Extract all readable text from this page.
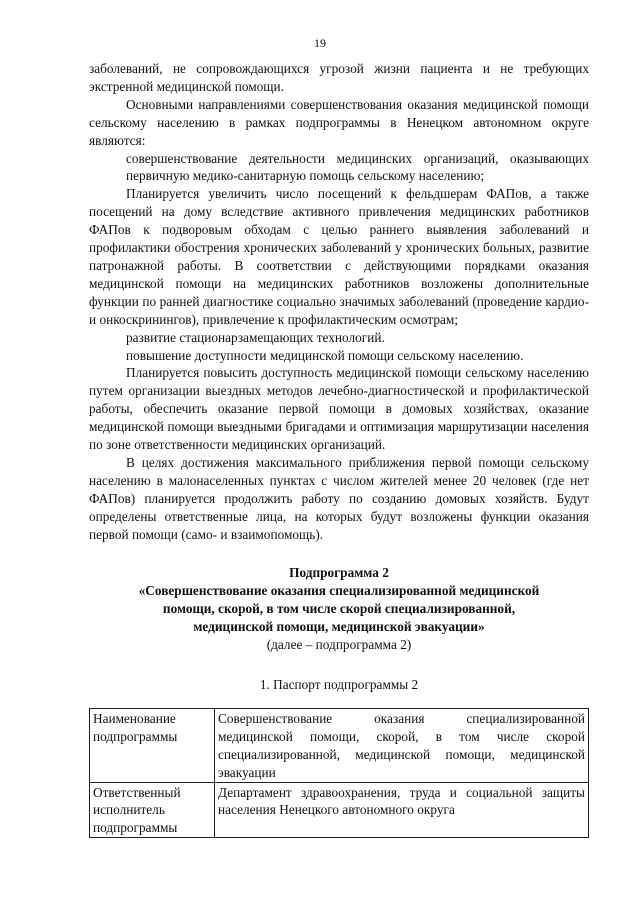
19

заболеваний, не сопровождающихся угрозой жизни пациента и не требующих экстренной медицинской помощи.

Основными направлениями совершенствования оказания медицинской помощи сельскому населению в рамках подпрограммы в Ненецком автономном округе являются:

совершенствование деятельности медицинских организаций, оказывающих первичную медико-санитарную помощь сельскому населению;

Планируется увеличить число посещений к фельдшерам ФАПов, а также посещений на дому вследствие активного привлечения медицинских работников ФАПов к подворовым обходам с целью раннего выявления заболеваний и профилактики обострения хронических заболеваний у хронических больных, развитие патронажной работы. В соответствии с действующими порядками оказания медицинской помощи на медицинских работников возложены дополнительные функции по ранней диагностике социально значимых заболеваний (проведение кардио- и онкоскринингов), привлечение к профилактическим осмотрам;

развитие стационарзамещающих технологий.

повышение доступности медицинской помощи сельскому населению.

Планируется повысить доступность медицинской помощи сельскому населению путем организации выездных методов лечебно-диагностической и профилактической работы, обеспечить оказание первой помощи в домовых хозяйствах, оказание медицинской помощи выездными бригадами и оптимизация маршрутизации населения по зоне ответственности медицинских организаций.

В целях достижения максимального приближения первой помощи сельскому населению в малонаселенных пунктах с числом жителей менее 20 человек (где нет ФАПов) планируется продолжить работу по созданию домовых хозяйств. Будут определены ответственные лица, на которых будут возложены функции оказания первой помощи (само- и взаимопомощь).

Подпрограмма 2
«Совершенствование оказания специализированной медицинской
помощи, скорой, в том числе скорой специализированной,
медицинской помощи, медицинской эвакуации»
(далее – подпрограмма 2)
1. Паспорт подпрограммы 2
Наименование подпрограммы	Совершенствование оказания специализированной медицинской помощи, скорой, в том числе скорой специализированной, медицинской помощи, медицинской эвакуации
Ответственный исполнитель подпрограммы	Департамент здравоохранения, труда и социальной защиты населения Ненецкого автономного округа
